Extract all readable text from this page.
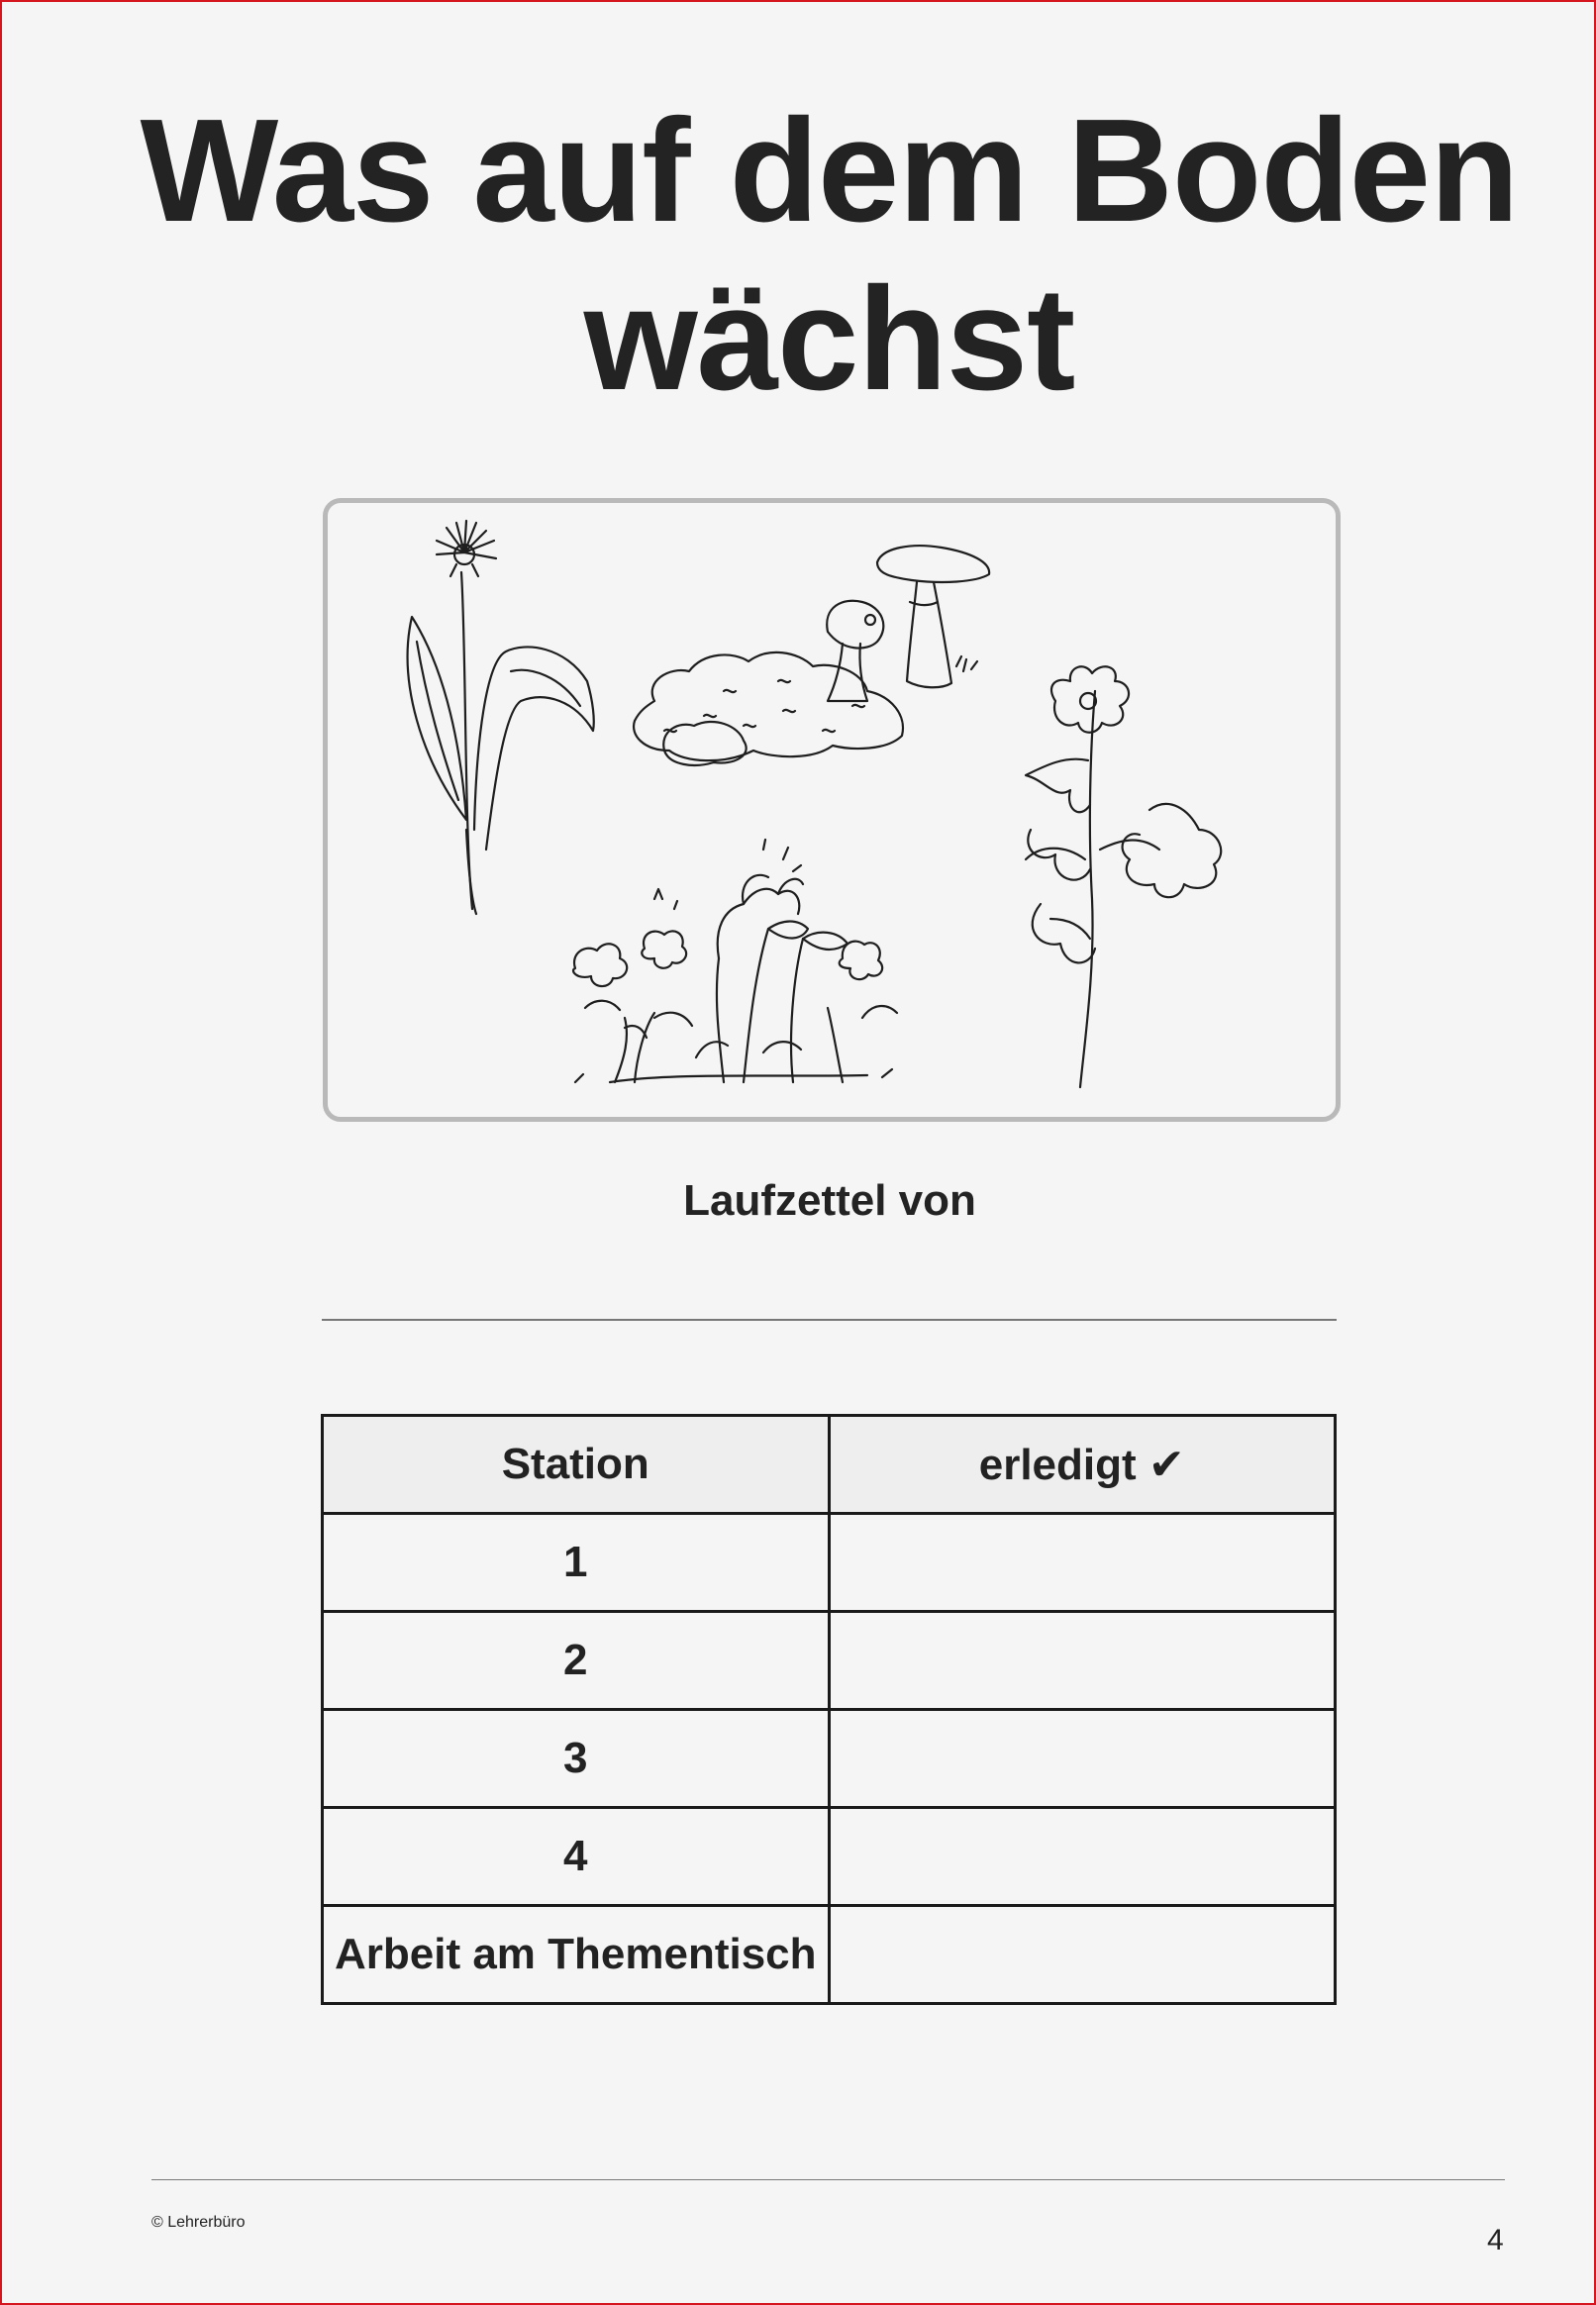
Was auf dem Boden
wächst
Laufzettel von
Station	erledigt ✔
1	
2	
3	
4	
Arbeit am Thementisch	
© Lehrerbüro
4
